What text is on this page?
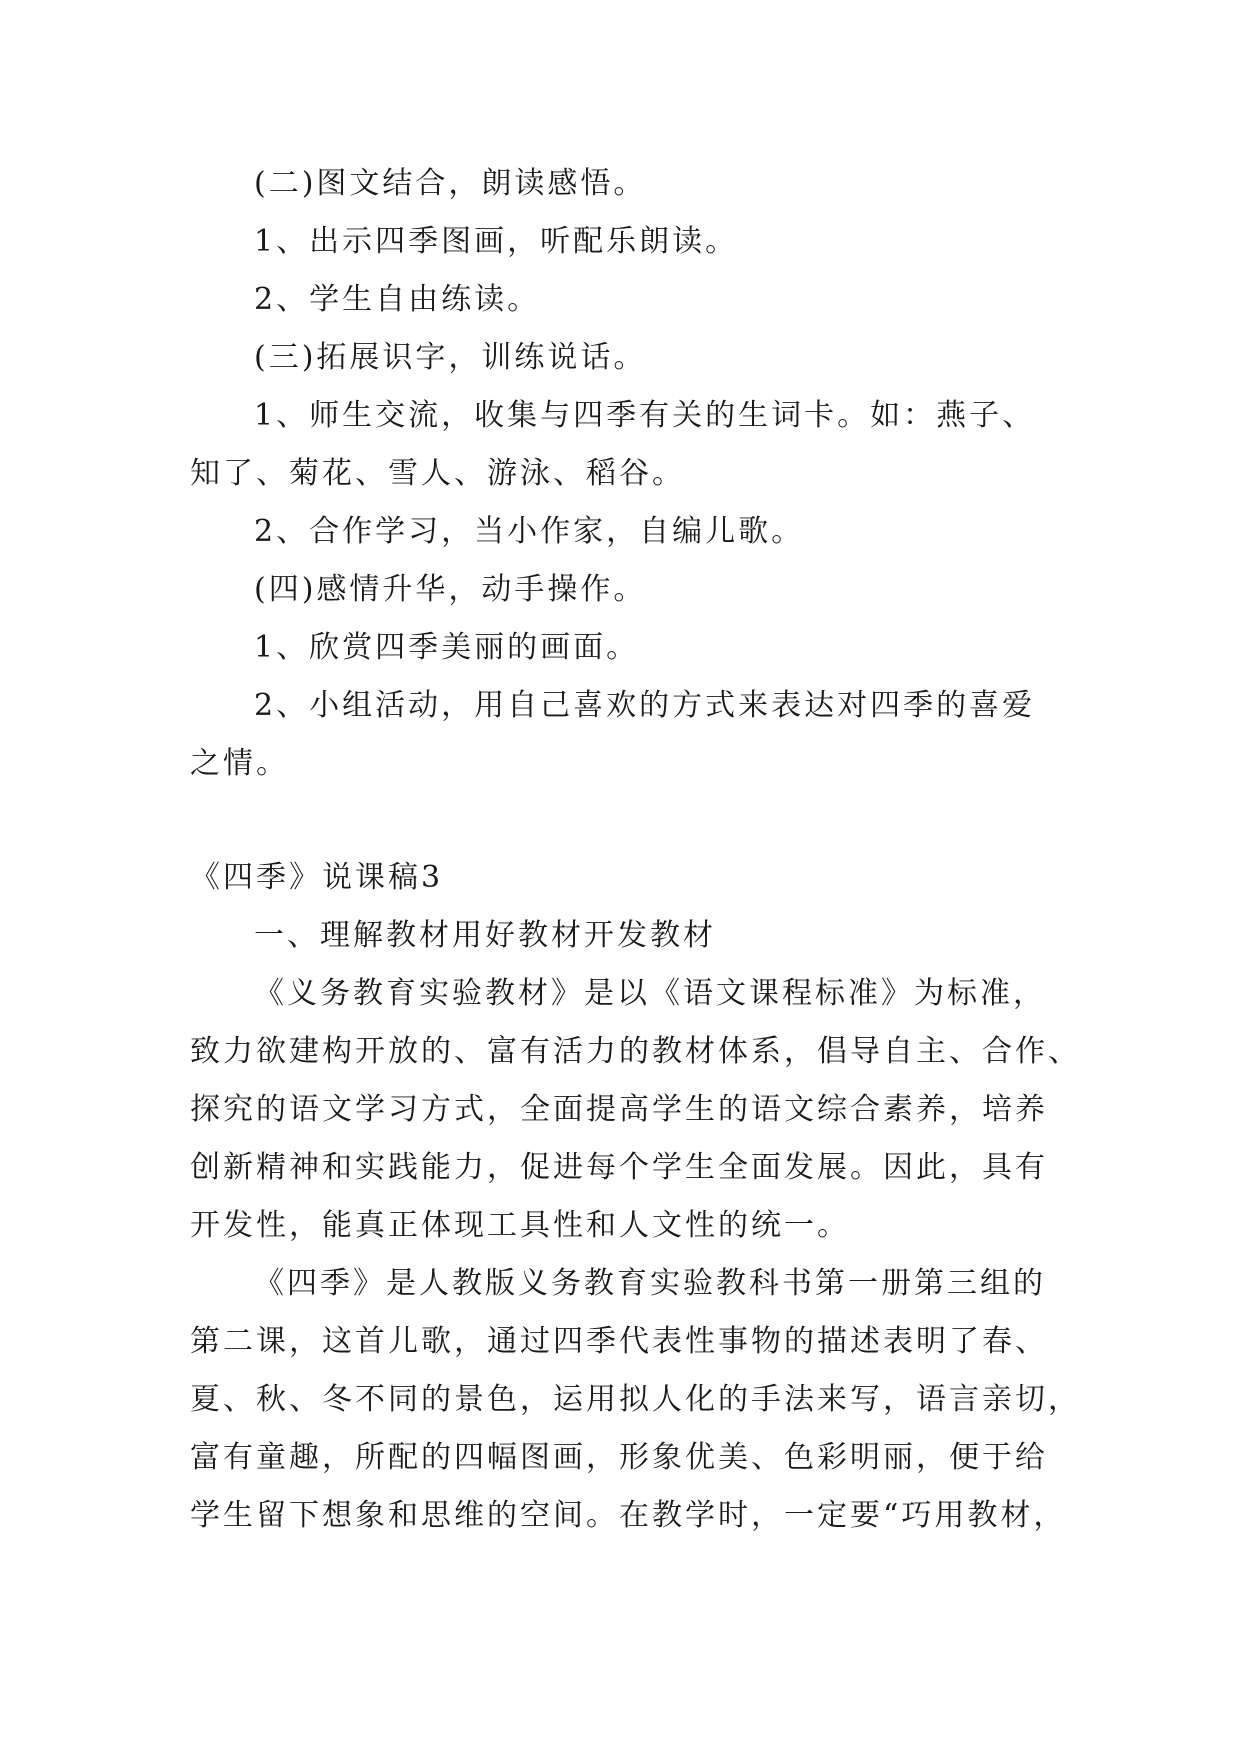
(二)图文结合，朗读感悟。

1、出示四季图画，听配乐朗读。

2、学生自由练读。

(三)拓展识字，训练说话。

1、师生交流，收集与四季有关的生词卡。如：燕子、

知了、菊花、雪人、游泳、稻谷。

2、合作学习，当小作家，自编儿歌。

(四)感情升华，动手操作。

1、欣赏四季美丽的画面。

2、小组活动，用自己喜欢的方式来表达对四季的喜爱

之情。

《四季》说课稿3

一、理解教材用好教材开发教材

《义务教育实验教材》是以《语文课程标准》为标准，

致力欲建构开放的、富有活力的教材体系，倡导自主、合作、

探究的语文学习方式，全面提高学生的语文综合素养，培养

创新精神和实践能力，促进每个学生全面发展。因此，具有

开发性，能真正体现工具性和人文性的统一。

《四季》是人教版义务教育实验教科书第一册第三组的

第二课，这首儿歌，通过四季代表性事物的描述表明了春、

夏、秋、冬不同的景色，运用拟人化的手法来写，语言亲切，

富有童趣，所配的四幅图画，形象优美、色彩明丽，便于给

学生留下想象和思维的空间。在教学时，一定要“巧用教材，
